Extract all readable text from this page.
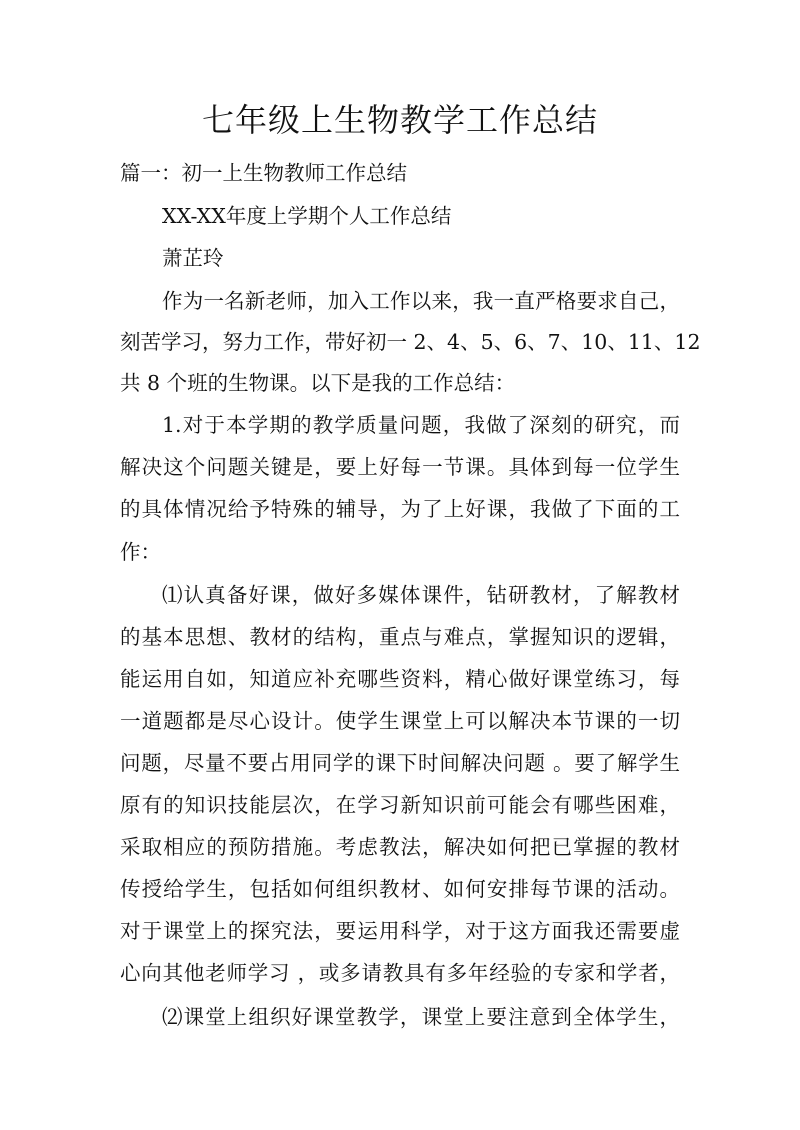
七年级上生物教学工作总结
篇一：初一上生物教师工作总结
XX-XX年度上学期个人工作总结
萧芷玲
作为一名新老师，加入工作以来，我一直严格要求自己，
刻苦学习，努力工作，带好初一 2、4、5、6、7、10、11、12
共 8 个班的生物课。以下是我的工作总结：
1.对于本学期的教学质量问题，我做了深刻的研究，而
解决这个问题关键是，要上好每一节课。具体到每一位学生
的具体情况给予特殊的辅导，为了上好课，我做了下面的工
作：
⑴认真备好课，做好多媒体课件，钻研教材，了解教材
的基本思想、教材的结构，重点与难点，掌握知识的逻辑，
能运用自如，知道应补充哪些资料，精心做好课堂练习，每
一道题都是尽心设计。使学生课堂上可以解决本节课的一切
问题，尽量不要占用同学的课下时间解决问题 。要了解学生
原有的知识技能层次，在学习新知识前可能会有哪些困难，
采取相应的预防措施。考虑教法，解决如何把已掌握的教材
传授给学生，包括如何组织教材、如何安排每节课的活动。
对于课堂上的探究法，要运用科学，对于这方面我还需要虚
心向其他老师学习 ，或多请教具有多年经验的专家和学者，
⑵课堂上组织好课堂教学，课堂上要注意到全体学生，
